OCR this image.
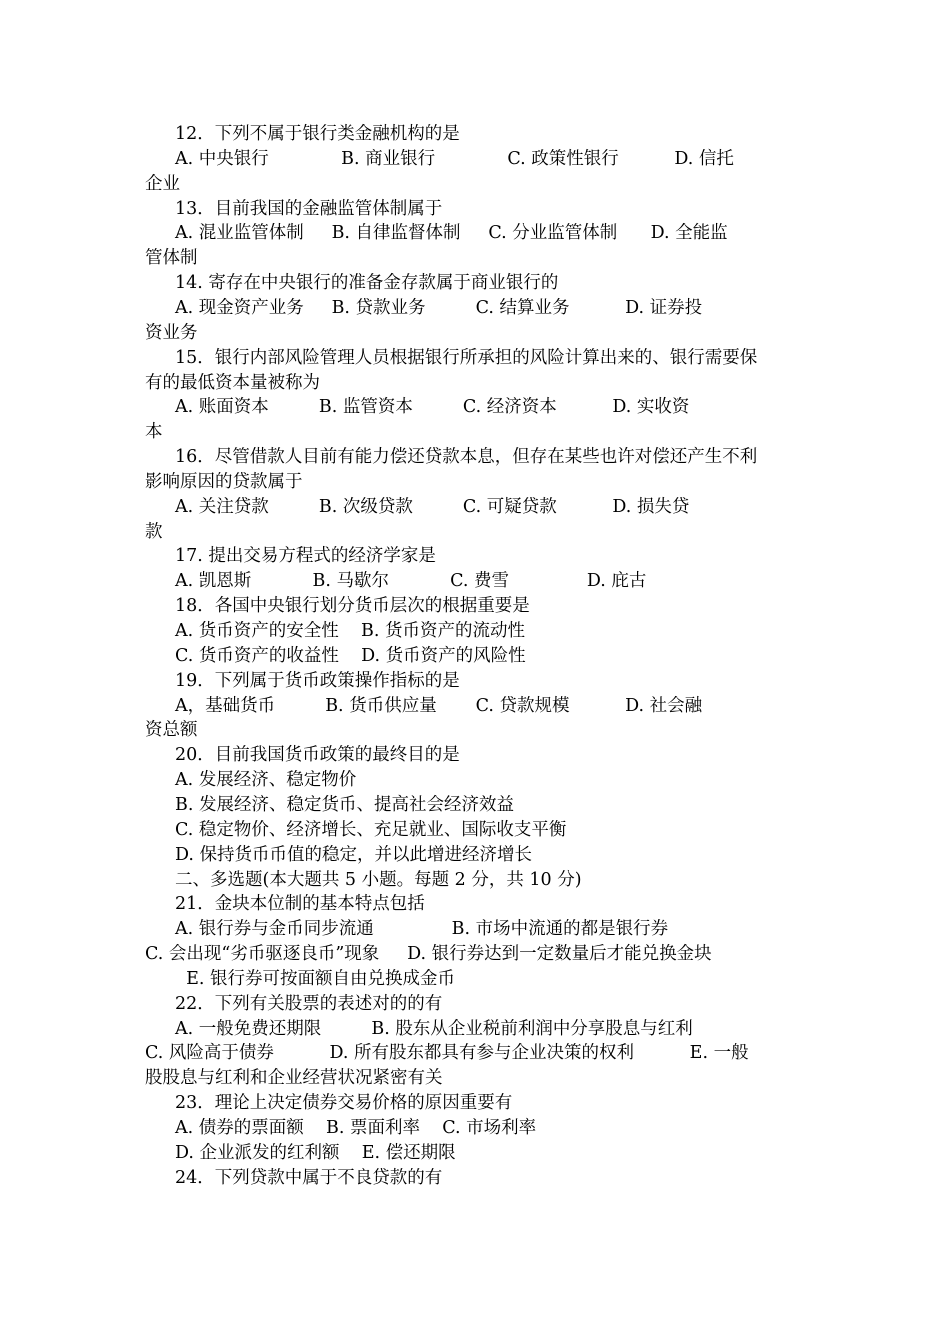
12．下列不属于银行类金融机构的是
A. 中央银行             B. 商业银行             C. 政策性银行          D. 信托
企业
13．目前我国的金融监管体制属于
A. 混业监管体制     B. 自律监督体制     C. 分业监管体制      D. 全能监
管体制
14. 寄存在中央银行的准备金存款属于商业银行的
A. 现金资产业务     B. 贷款业务         C. 结算业务          D. 证券投
资业务
15．银行内部风险管理人员根据银行所承担的风险计算出来的、银行需要保
有的最低资本量被称为
A. 账面资本         B. 监管资本         C. 经济资本          D. 实收资
本
16．尽管借款人目前有能力偿还贷款本息，但存在某些也许对偿还产生不利
影响原因的贷款属于
A. 关注贷款         B. 次级贷款         C. 可疑贷款          D. 损失贷
款
17. 提出交易方程式的经济学家是
A. 凯恩斯           B. 马歇尔           C. 费雪              D. 庇古
18．各国中央银行划分货币层次的根据重要是
A. 货币资产的安全性    B. 货币资产的流动性
C. 货币资产的收益性    D. 货币资产的风险性
19．下列属于货币政策操作指标的是
A，基础货币         B. 货币供应量       C. 贷款规模          D. 社会融
资总额
20．目前我国货币政策的最终目的是
A. 发展经济、稳定物价
B. 发展经济、稳定货币、提高社会经济效益
C. 稳定物价、经济增长、充足就业、国际收支平衡
D. 保持货币币值的稳定，并以此增进经济增长
二、多选题(本大题共 5 小题。每题 2 分，共 10 分)
21．金块本位制的基本特点包括
A. 银行券与金币同步流通              B. 市场中流通的都是银行券
C. 会出现“劣币驱逐良币”现象     D. 银行券达到一定数量后才能兑换金块
E. 银行券可按面额自由兑换成金币
22．下列有关股票的表述对的的有
A. 一般免费还期限         B. 股东从企业税前利润中分享股息与红利
C. 风险高于债券          D. 所有股东都具有参与企业决策的权利          E. 一般
股股息与红利和企业经营状况紧密有关
23．理论上决定债券交易价格的原因重要有
A. 债券的票面额    B. 票面利率    C. 市场利率
D. 企业派发的红利额    E. 偿还期限
24．下列贷款中属于不良贷款的有
